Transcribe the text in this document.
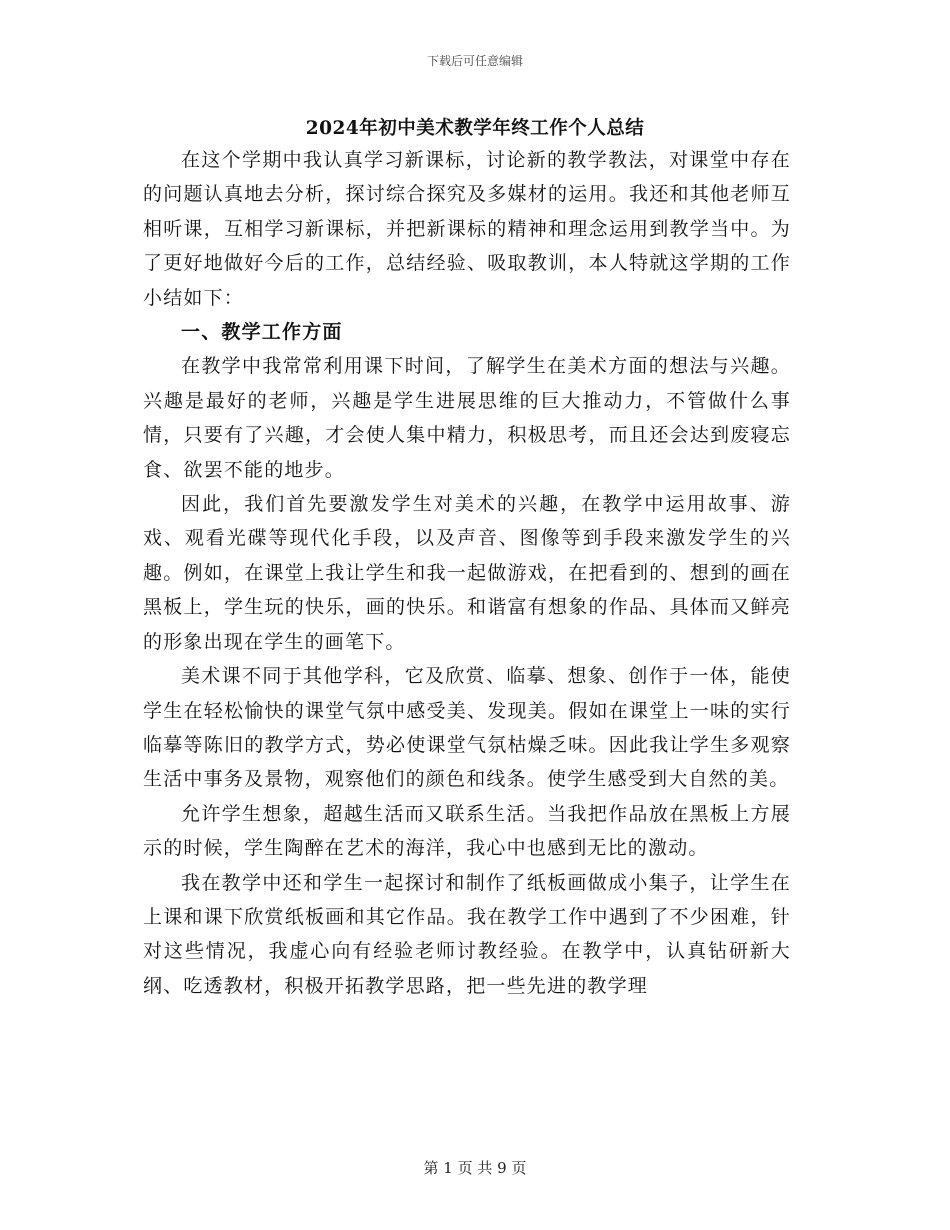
下载后可任意编辑
2024年初中美术教学年终工作个人总结

在这个学期中我认真学习新课标，讨论新的教学教法，对课堂中存在的问题认真地去分析，探讨综合探究及多媒材的运用。我还和其他老师互相听课，互相学习新课标，并把新课标的精神和理念运用到教学当中。为了更好地做好今后的工作，总结经验、吸取教训，本人特就这学期的工作小结如下：

一、教学工作方面

在教学中我常常利用课下时间，了解学生在美术方面的想法与兴趣。兴趣是最好的老师，兴趣是学生进展思维的巨大推动力，不管做什么事情，只要有了兴趣，才会使人集中精力，积极思考，而且还会达到废寝忘食、欲罢不能的地步。

因此，我们首先要激发学生对美术的兴趣，在教学中运用故事、游戏、观看光碟等现代化手段，以及声音、图像等到手段来激发学生的兴趣。例如，在课堂上我让学生和我一起做游戏，在把看到的、想到的画在黑板上，学生玩的快乐，画的快乐。和谐富有想象的作品、具体而又鲜亮的形象出现在学生的画笔下。

美术课不同于其他学科，它及欣赏、临摹、想象、创作于一体，能使学生在轻松愉快的课堂气氛中感受美、发现美。假如在课堂上一味的实行临摹等陈旧的教学方式，势必使课堂气氛枯燥乏味。因此我让学生多观察生活中事务及景物，观察他们的颜色和线条。使学生感受到大自然的美。

允许学生想象，超越生活而又联系生活。当我把作品放在黑板上方展示的时候，学生陶醉在艺术的海洋，我心中也感到无比的激动。

我在教学中还和学生一起探讨和制作了纸板画做成小集子，让学生在上课和课下欣赏纸板画和其它作品。我在教学工作中遇到了不少困难，针对这些情况，我虚心向有经验老师讨教经验。在教学中，认真钻研新大纲、吃透教材，积极开拓教学思路，把一些先进的教学理

第 1 页 共 9 页
